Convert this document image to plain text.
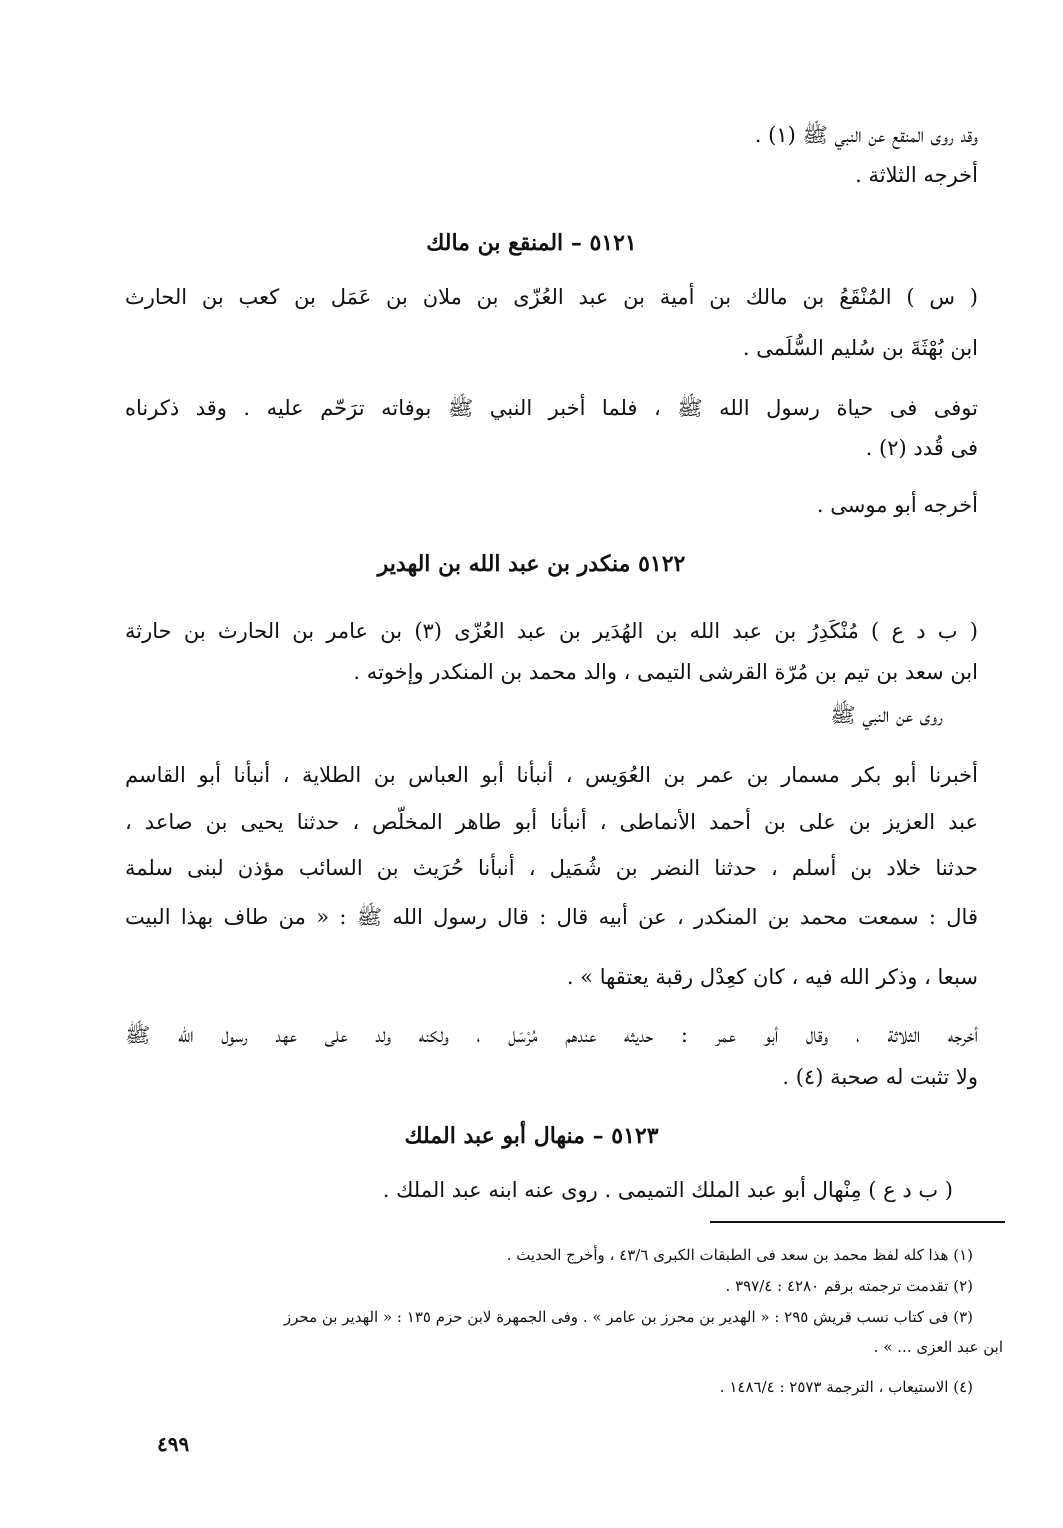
وقد روى المنقع عن النبي ﷺ (١) .
أخرجه الثلاثة .
٥١٢١ – المنقع بن مالك
( س ) المُنْقَعُ بن مالك بن أمية بن عبد العُزّى بن ملان بن عَمَل بن كعب بن الحارث
ابن بُهْثَةَ بن سُليم السُّلَمى .
توفى فى حياة رسول الله ﷺ ، فلما أخبر النبي ﷺ بوفاته ترَحّم عليه . وقد ذكرناه
فى قُدد (٢) .
أخرجه أبو موسى .
٥١٢٢ منكدر بن عبد الله بن الهدير
( ب د ع ) مُنْكَدِرُ بن عبد الله بن الهُدَير بن عبد العُزّى (٣) بن عامر بن الحارث بن حارثة
ابن سعد بن تيم بن مُرّة القرشى التيمى ، والد محمد بن المنكدر وإخوته .
روى عن النبي ﷺ
أخبرنا أبو بكر مسمار بن عمر بن العُوَيس ، أنبأنا أبو العباس بن الطلاية ، أنبأنا أبو القاسم
عبد العزيز بن على بن أحمد الأنماطى ، أنبأنا أبو طاهر المخلّص ، حدثنا يحيى بن صاعد ،
حدثنا خلاد بن أسلم ، حدثنا النضر بن شُمَيل ، أنبأنا حُرَيث بن السائب مؤذن لبنى سلمة
قال : سمعت محمد بن المنكدر ، عن أبيه قال : قال رسول الله ﷺ : « من طاف بهذا البيت
سبعا ، وذكر الله فيه ، كان كعِدْل رقبة يعتقها » .
أخرجه الثلاثة ، وقال أبو عمر : حديثه عندهم مُرْسَل ، ولكنه ولد على عهد رسول الله ﷺ
ولا تثبت له صحبة (٤) .
٥١٢٣ – منهال أبو عبد الملك
( ب د ع ) مِنْهال أبو عبد الملك التميمى . روى عنه ابنه عبد الملك .
(١) هذا كله لفظ محمد بن سعد فى الطبقات الكبرى ٤٣/٦ ، وأخرج الحديث .
(٢) تقدمت ترجمته برقم ٤٢٨٠ : ٣٩٧/٤ .
(٣) فى كتاب نسب قريش ٢٩٥ : « الهدير بن محرز بن عامر » . وفى الجمهرة لابن حزم ١٣٥ : « الهدير بن محرز
ابن عبد العزى ... » .
(٤) الاستيعاب ، الترجمة ٢٥٧٣ : ١٤٨٦/٤ .
٤٩٩
